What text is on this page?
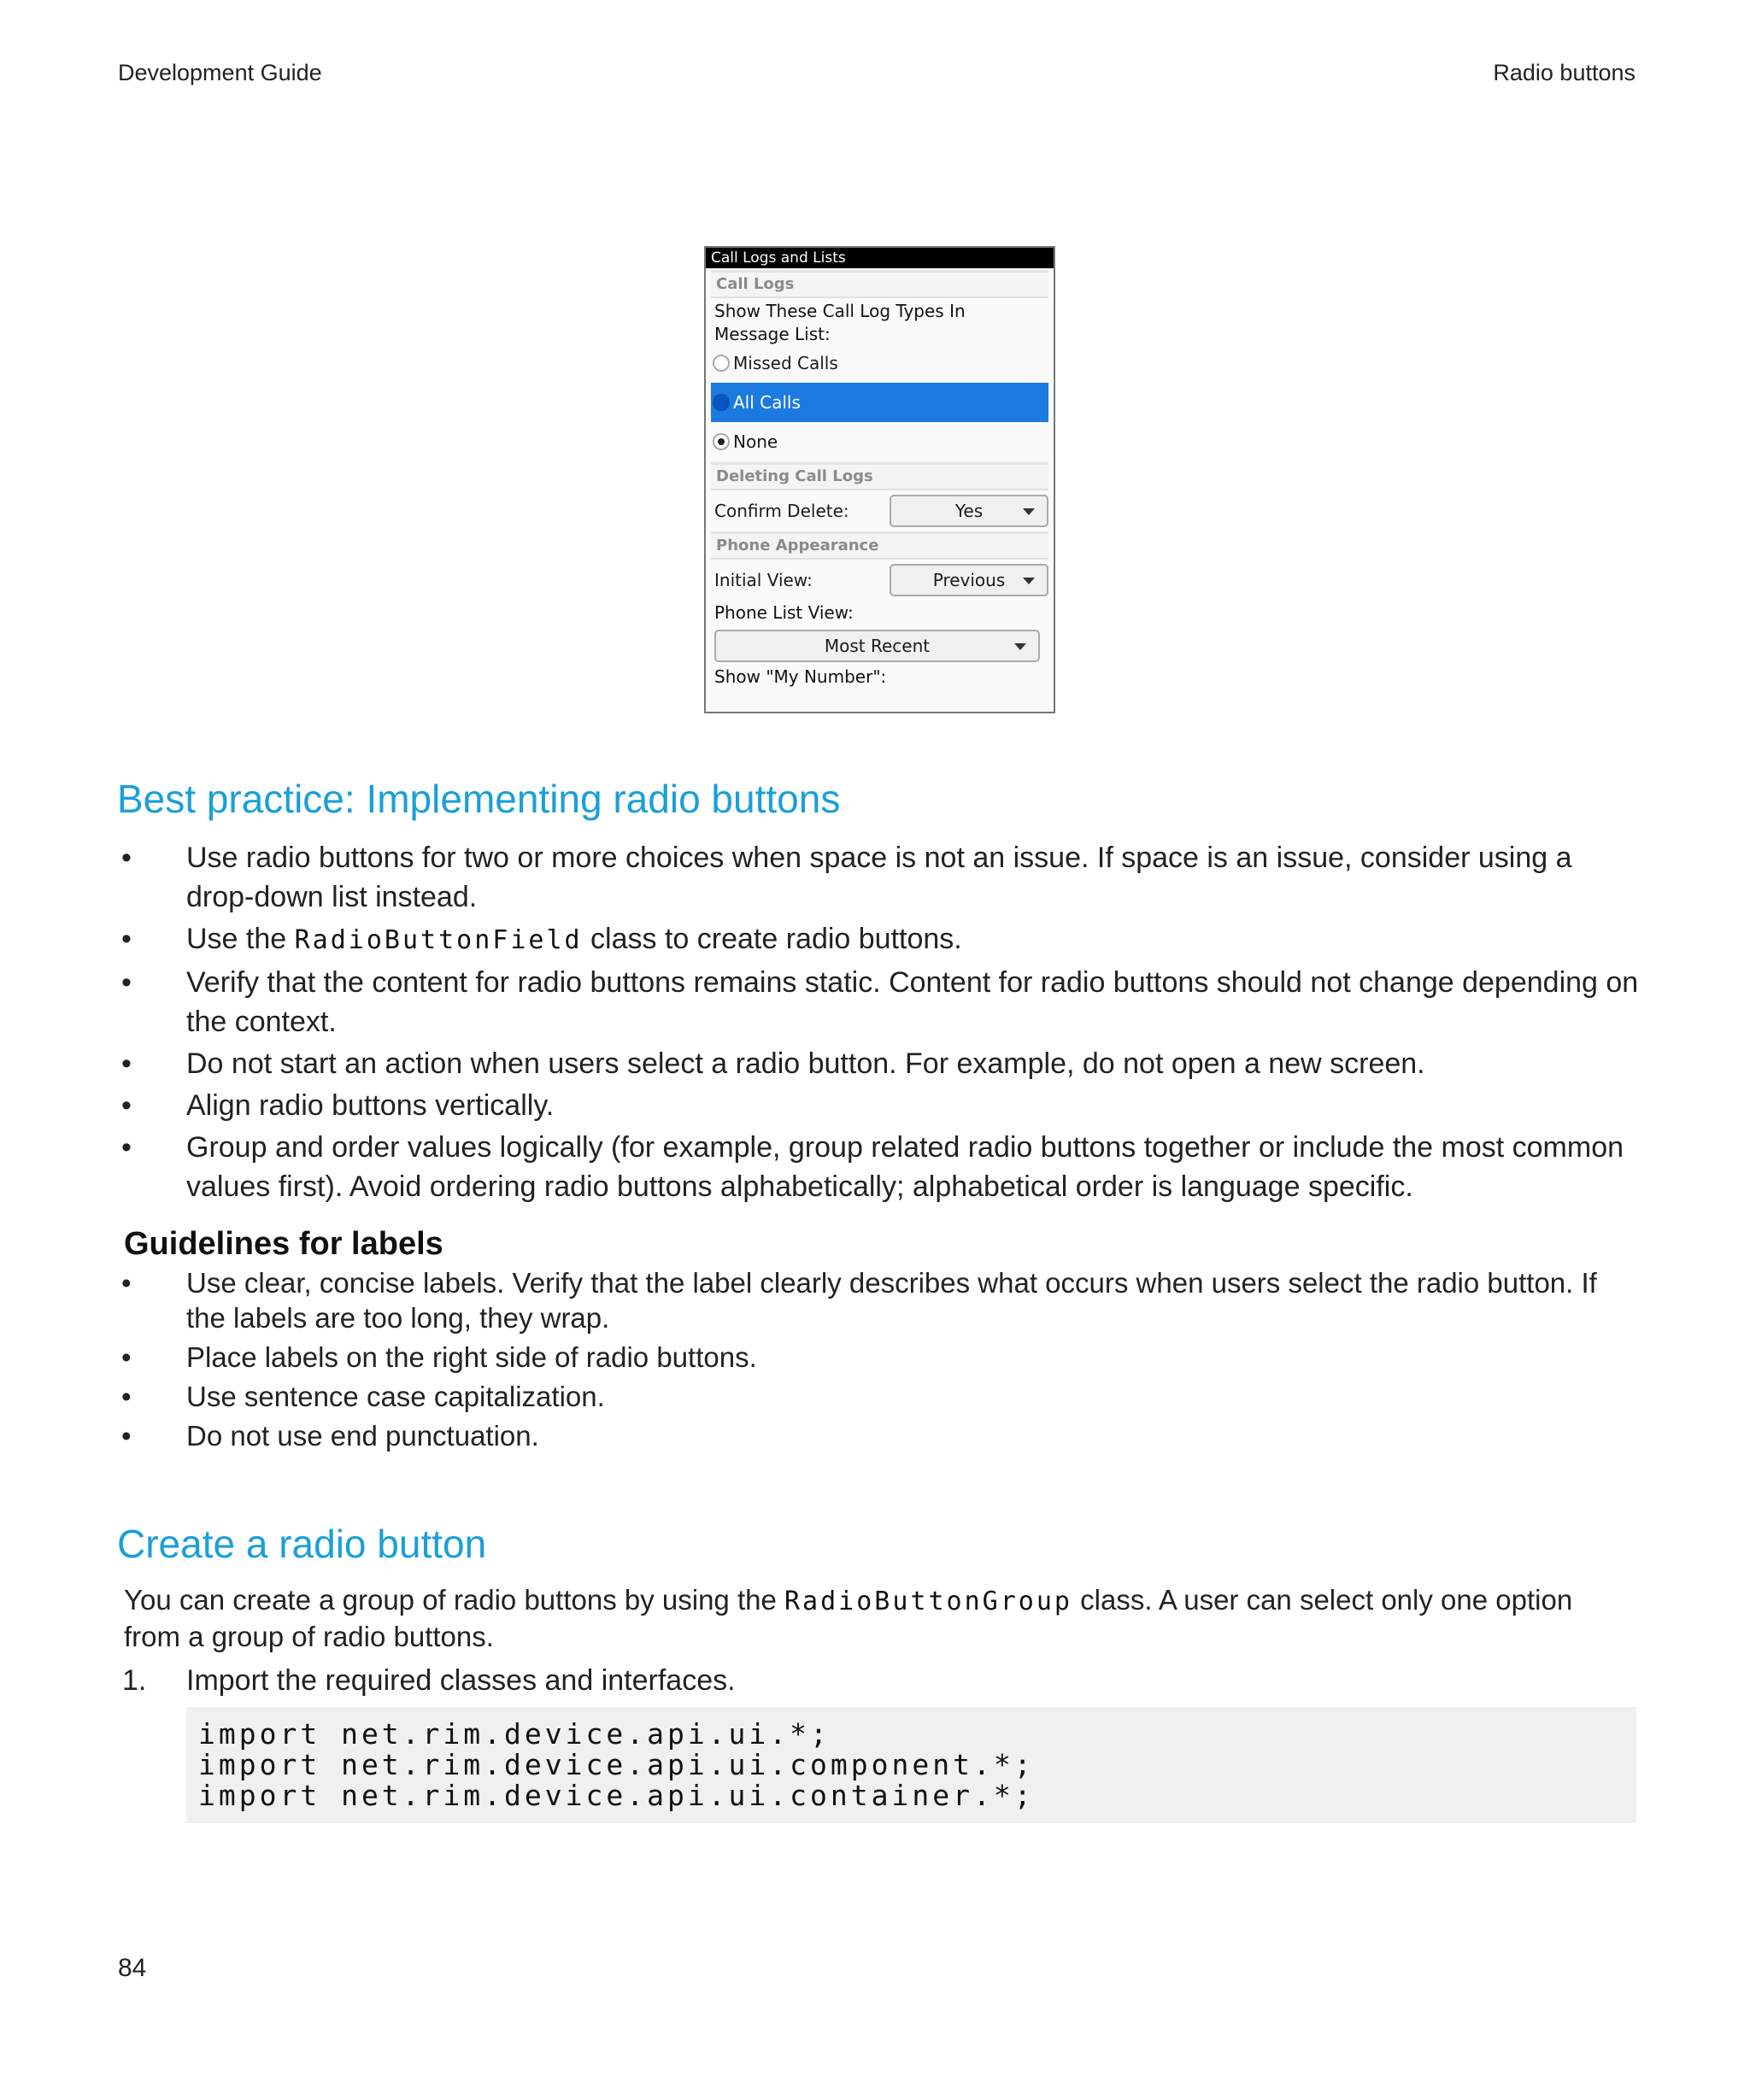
Development Guide	Radio buttons
Call Logs and Lists
Call Logs
Show These Call Log Types In
Message List:
Missed Calls
All Calls
None
Deleting Call Logs
Confirm Delete:	Yes
Phone Appearance
Initial View:	Previous
Phone List View:
Most Recent
Show "My Number":
Best practice: Implementing radio buttons
• Use radio buttons for two or more choices when space is not an issue. If space is an issue, consider using a drop-down list instead.
• Use the RadioButtonField class to create radio buttons.
• Verify that the content for radio buttons remains static. Content for radio buttons should not change depending on the context.
• Do not start an action when users select a radio button. For example, do not open a new screen.
• Align radio buttons vertically.
• Group and order values logically (for example, group related radio buttons together or include the most common values first). Avoid ordering radio buttons alphabetically; alphabetical order is language specific.
Guidelines for labels
• Use clear, concise labels. Verify that the label clearly describes what occurs when users select the radio button. If the labels are too long, they wrap.
• Place labels on the right side of radio buttons.
• Use sentence case capitalization.
• Do not use end punctuation.
Create a radio button
You can create a group of radio buttons by using the RadioButtonGroup class. A user can select only one option from a group of radio buttons.
1. Import the required classes and interfaces.
import net.rim.device.api.ui.*;
import net.rim.device.api.ui.component.*;
import net.rim.device.api.ui.container.*;
84
